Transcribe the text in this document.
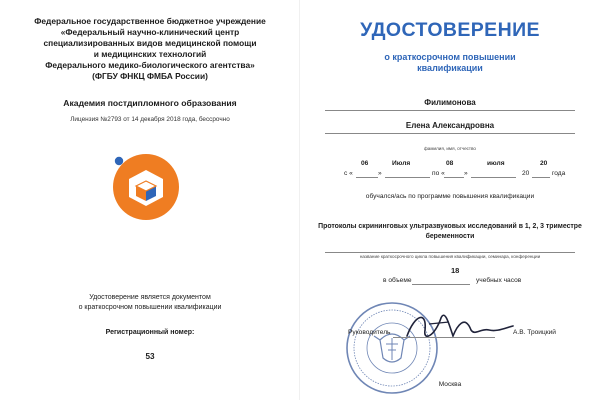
Федеральное государственное бюджетное учреждение
«Федеральный научно-клинический центр
специализированных видов медицинской помощи
и медицинских технологий
Федерального медико-биологического агентства»
(ФГБУ ФНКЦ ФМБА России)
Академия постдипломного образования
Лицензия №2793 от 14 декабря 2018 года, бессрочно
Удостоверение является документом
о краткосрочном повышении квалификации
Регистрационный номер:
53
УДОСТОВЕРЕНИЕ
о краткосрочном повышении
квалификации
Филимонова
Елена Александровна
фамилия, имя, отчество
06	Июля	08	июля	20
с «	»	по «	»	20	года
обучался/ась по программе повышения квалификации
Протоколы скрининговых ультразвуковых исследований в 1, 2, 3 триместре
беременности
название краткосрочного цикла повышения квалификации, семинара, конференции
18
в объеме	учебных часов
Руководитель	А.В. Троицкий
Москва
